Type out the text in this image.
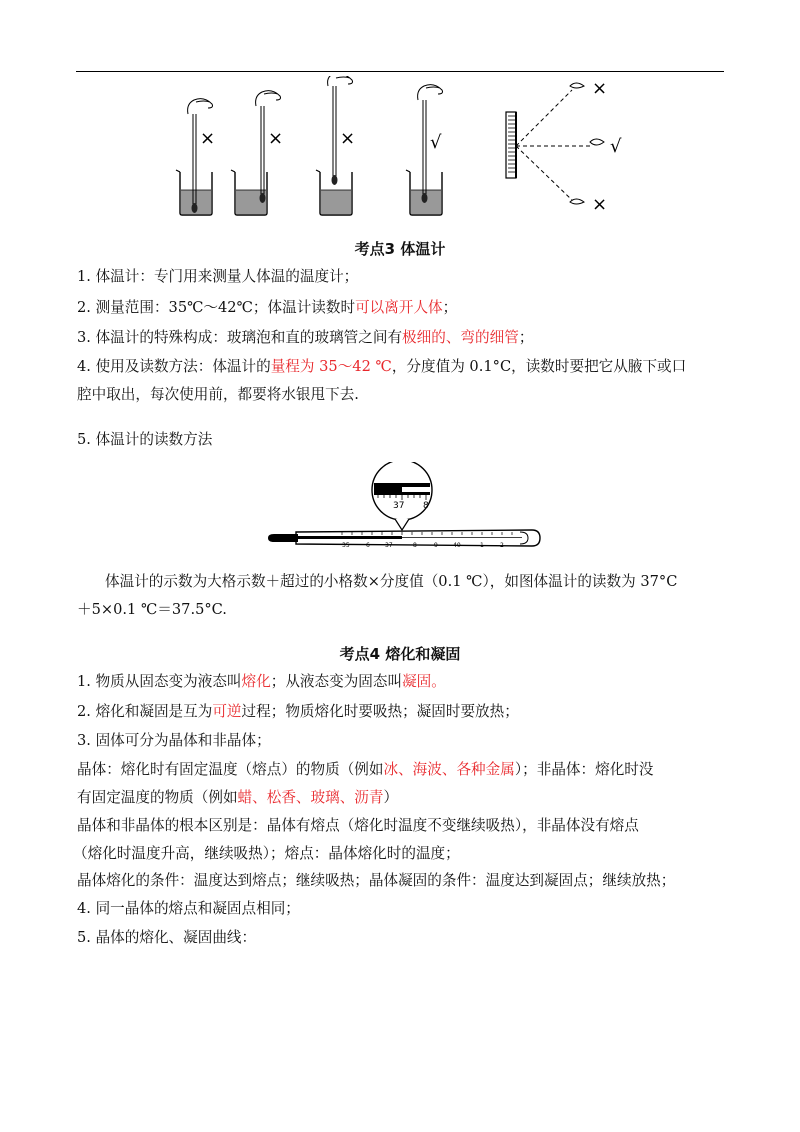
×	×	×	√
×
√
×
考点3 体温计
1. 体温计：专门用来测量人体温的温度计；
2. 测量范围：35℃～42℃；体温计读数时可以离开人体；
3. 体温计的特殊构成：玻璃泡和直的玻璃管之间有极细的、弯的细管；
4. 使用及读数方法：体温计的量程为 35～42 ℃，分度值为 0.1°C，读数时要把它从腋下或口
腔中取出，每次使用前，都要将水银甩下去.
5. 体温计的读数方法
37 8
35	6	37	8	9	40	1	2
体温计的示数为大格示数＋超过的小格数×分度值（0.1 ℃），如图体温计的读数为 37°C
＋5×0.1 ℃＝37.5°C.
考点4 熔化和凝固
1. 物质从固态变为液态叫熔化；从液态变为固态叫凝固。
2. 熔化和凝固是互为可逆过程；物质熔化时要吸热；凝固时要放热；
3. 固体可分为晶体和非晶体；
晶体：熔化时有固定温度（熔点）的物质（例如冰、海波、各种金属）；非晶体：熔化时没
有固定温度的物质（例如蜡、松香、玻璃、沥青）
晶体和非晶体的根本区别是：晶体有熔点（熔化时温度不变继续吸热），非晶体没有熔点
（熔化时温度升高，继续吸热）；熔点：晶体熔化时的温度；
晶体熔化的条件：温度达到熔点；继续吸热；晶体凝固的条件：温度达到凝固点；继续放热；
4. 同一晶体的熔点和凝固点相同；
5. 晶体的熔化、凝固曲线：
